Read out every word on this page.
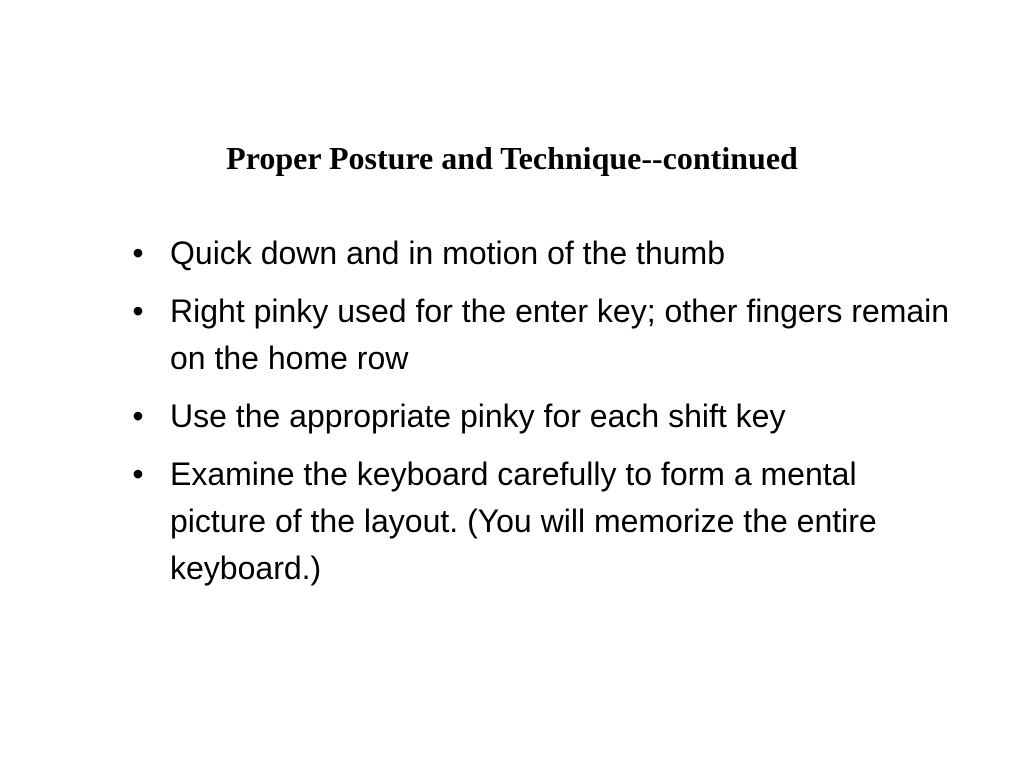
Proper Posture and Technique--continued
• Quick down and in motion of the thumb
• Right pinky used for the enter key; other fingers remain on the home row
• Use the appropriate pinky for each shift key
• Examine the keyboard carefully to form a mental picture of the layout. (You will memorize the entire keyboard.)
